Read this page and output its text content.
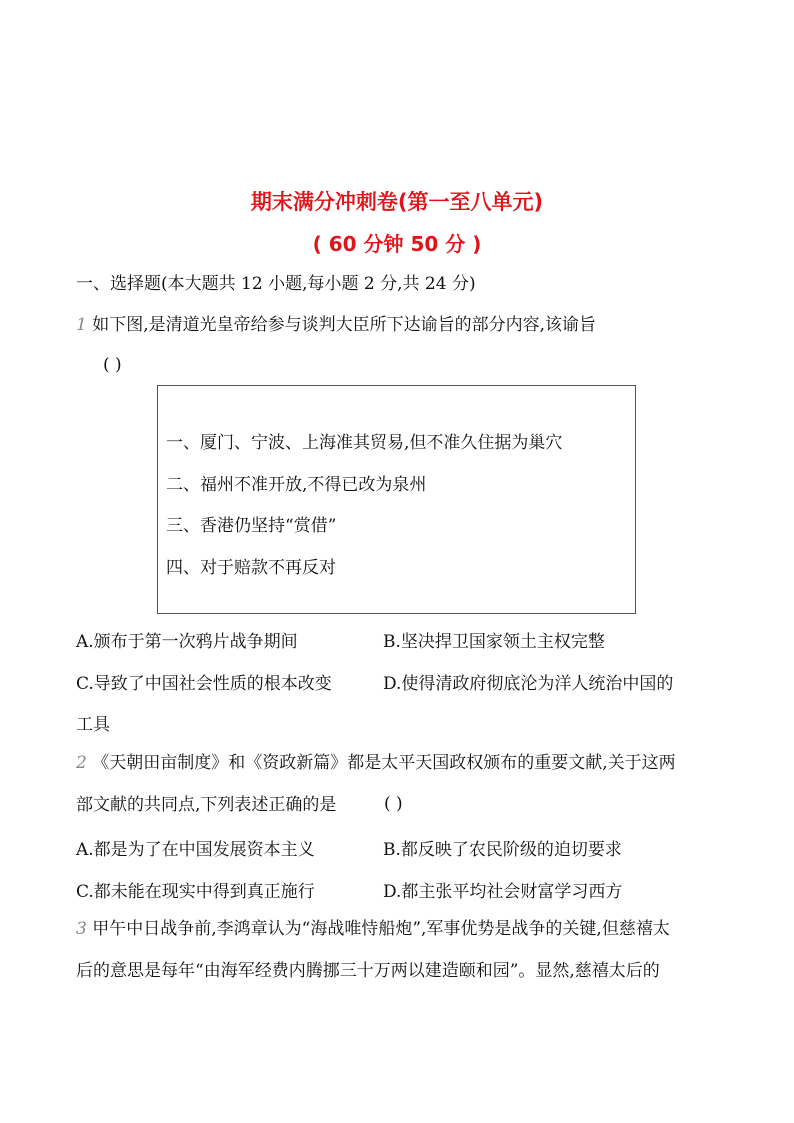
期末满分冲刺卷(第一至八单元)
( 60 分钟 50 分 )
一、选择题(本大题共 12 小题,每小题 2 分,共 24 分)
1 如下图,是清道光皇帝给参与谈判大臣所下达谕旨的部分内容,该谕旨
( )
一、厦门、宁波、上海准其贸易,但不准久住据为巢穴
二、福州不准开放,不得已改为泉州
三、香港仍坚持“赏借”
四、对于赔款不再反对
A.颁布于第一次鸦片战争期间	B.坚决捍卫国家领土主权完整
C.导致了中国社会性质的根本改变	D.使得清政府彻底沦为洋人统治中国的
工具
2 《天朝田亩制度》和《资政新篇》都是太平天国政权颁布的重要文献,关于这两
部文献的共同点,下列表述正确的是	( )
A.都是为了在中国发展资本主义	B.都反映了农民阶级的迫切要求
C.都未能在现实中得到真正施行	D.都主张平均社会财富学习西方
3 甲午中日战争前,李鸿章认为“海战唯恃船炮”,军事优势是战争的关键,但慈禧太
后的意思是每年“由海军经费内腾挪三十万两以建造颐和园”。显然,慈禧太后的
